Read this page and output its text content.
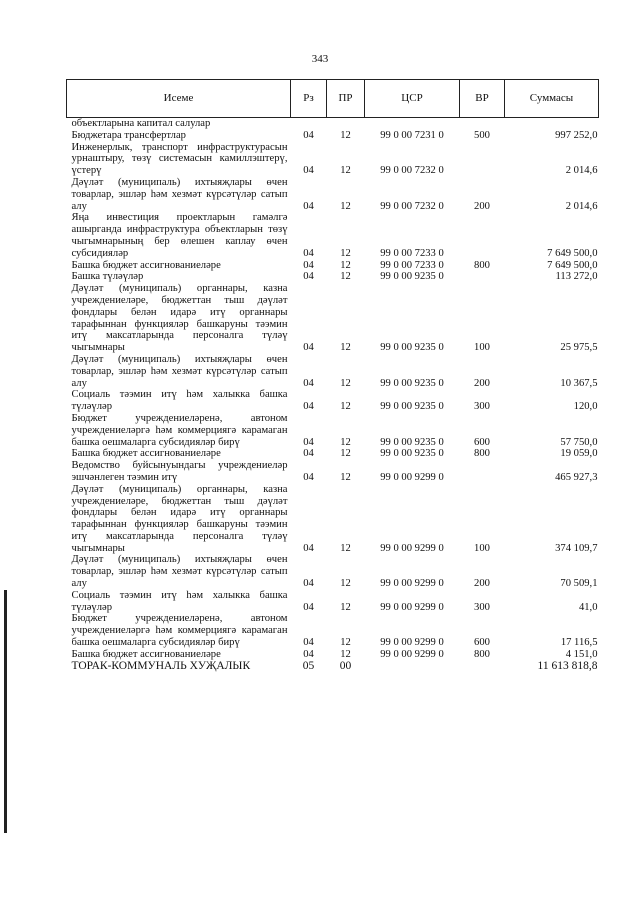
343
Исеме	Рз	ПР	ЦСР	ВР	Суммасы
объектларына капитал салулар					
Бюджетара трансфертлар	04	12	99 0 00 7231 0	500	997 252,0
Инженерлык, транспорт инфраструктурасын урнаштыру, төзү системасын камиллэштерү, үстерү	04	12	99 0 00 7232 0		2 014,6
Дәүләт (муниципаль) ихтыяҗлары өчен товарлар, эшләр һәм хезмәт күрсәтүләр сатып алу	04	12	99 0 00 7232 0	200	2 014,6
Яңа инвестиция проектларын гамәлгә ашырганда инфраструктура объектларын төзү чыгымнарының бер өлешен каплау өчен субсидияләр	04	12	99 0 00 7233 0		7 649 500,0
Башка бюджет ассигнованиеләре	04	12	99 0 00 7233 0	800	7 649 500,0
Башка түләүләр	04	12	99 0 00 9235 0		113 272,0
Дәүләт (муниципаль) органнары, казна учреждениеләре, бюджеттан тыш дәүләт фондлары белән идарә итү органнары тарафыннан функцияләр башкаруны тәэмин итү максатларында персоналга түләү чыгымнары	04	12	99 0 00 9235 0	100	25 975,5
Дәүләт (муниципаль) ихтыяҗлары өчен товарлар, эшләр һәм хезмәт күрсәтүләр сатып алу	04	12	99 0 00 9235 0	200	10 367,5
Социаль тәэмин итү һәм халыкка башка түләүләр	04	12	99 0 00 9235 0	300	120,0
Бюджет учреждениеләренә, автоном учреждениеләргә һәм коммерциягә карамаган башка оешмаларга субсидияләр бирү	04	12	99 0 00 9235 0	600	57 750,0
Башка бюджет ассигнованиеләре	04	12	99 0 00 9235 0	800	19 059,0
Ведомство буйсынуындагы учреждениеләр эшчәнлеген тәэмин итү	04	12	99 0 00 9299 0		465 927,3
Дәүләт (муниципаль) органнары, казна учреждениеләре, бюджеттан тыш дәүләт фондлары белән идарә итү органнары тарафыннан функцияләр башкаруны тәэмин итү максатларында персоналга түләү чыгымнары	04	12	99 0 00 9299 0	100	374 109,7
Дәүләт (муниципаль) ихтыяҗлары өчен товарлар, эшләр һәм хезмәт күрсәтүләр сатып алу	04	12	99 0 00 9299 0	200	70 509,1
Социаль тәэмин итү һәм халыкка башка түләүләр	04	12	99 0 00 9299 0	300	41,0
Бюджет учреждениеләренә, автоном учреждениеләргә һәм коммерциягә карамаган башка оешмаларга субсидияләр бирү	04	12	99 0 00 9299 0	600	17 116,5
Башка бюджет ассигнованиеләре	04	12	99 0 00 9299 0	800	4 151,0
ТОРАК-КОММУНАЛЬ ХУҖАЛЫК	05	00			11 613 818,8
